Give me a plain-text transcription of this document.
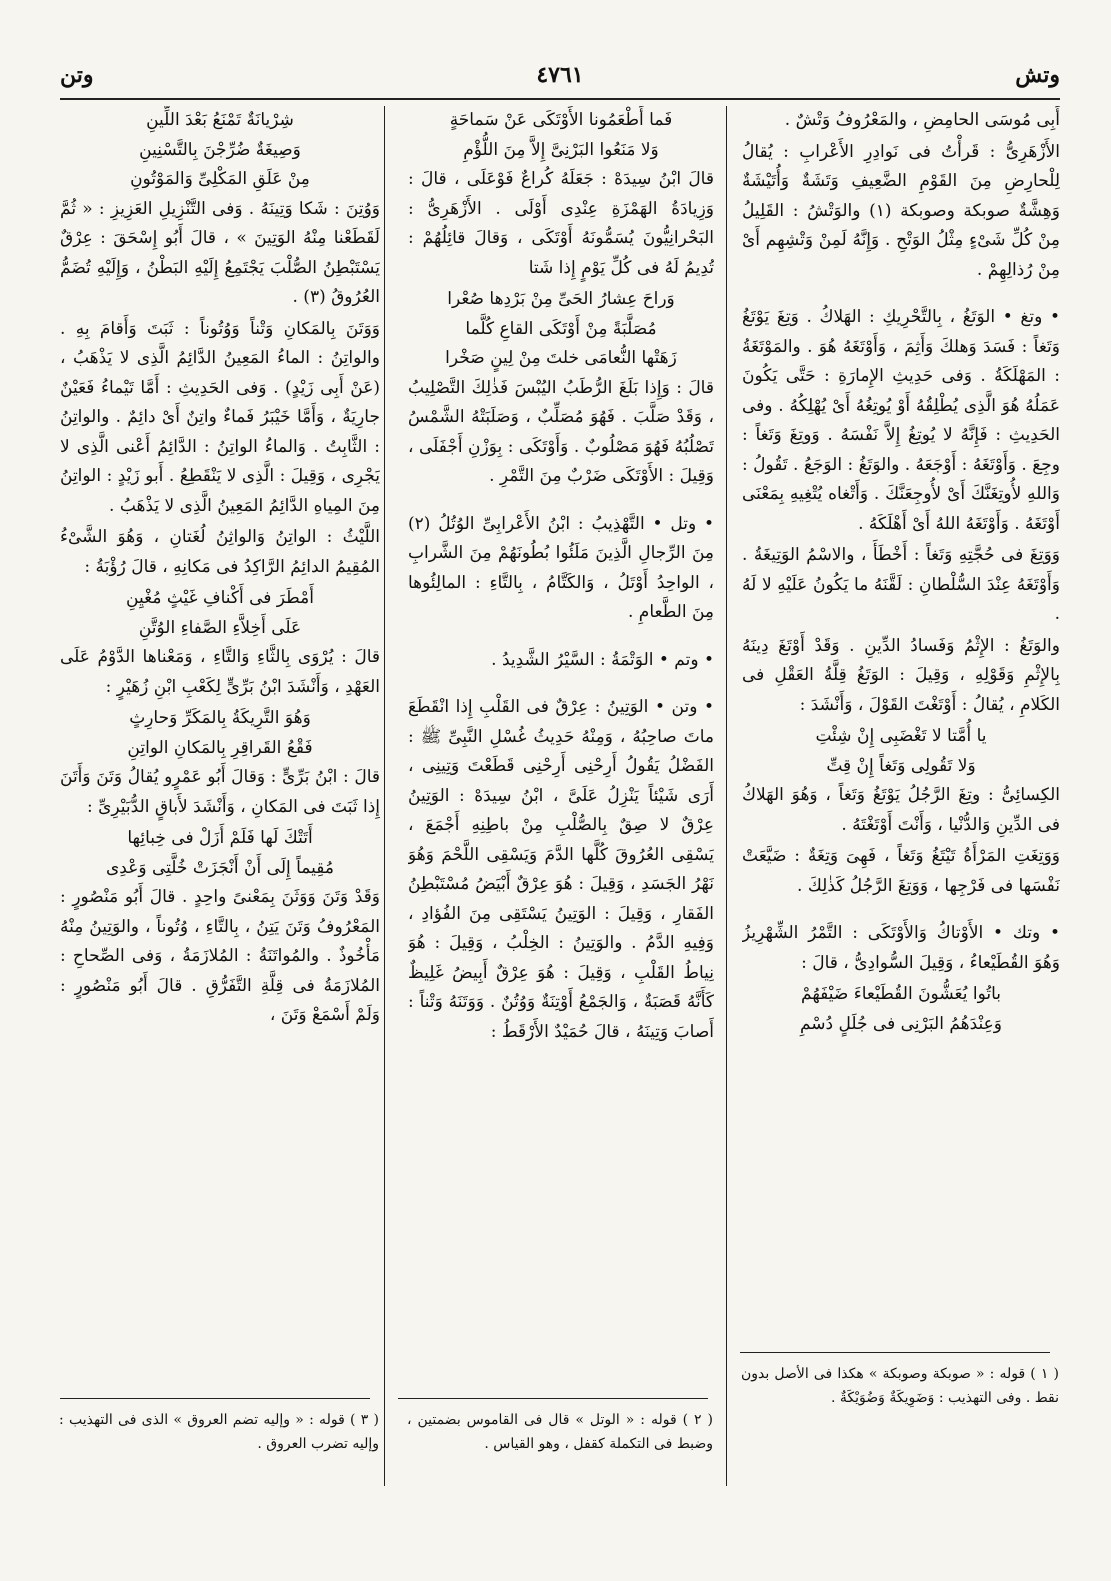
وتش
٤٧٦١
وتن

أَبِى مُوسَى الحامِضِ ، والمَعْرُوفُ وَتْشٌ .

الأَزْهَرِىُّ : قَرأْتُ فى نَوادِرِ الأَعْرابِ : يُقالُ لِلْحارِضِ مِنَ القَوْمِ الضَّعِيفِ وَتَشَةٌ وَأُتَيْشَةٌ وَهِشَّةٌ صوبكة وصوبكة (١) والوَتْشُ : القَلِيلُ مِنْ كُلِّ شَىْءٍ مِثْلُ الوَتْحِ . وَإِنَّهُ لَمِنْ وَتْشِهِم أَىْ مِنْ رُذالِهِمْ .

• وتغ • الوَتَغُ ، بِالتَّحْرِيكِ : الهَلاكُ . وَتِغَ يَوْتَغُ وَتَغاً : فَسَدَ وَهلكَ وَأَثِمَ ، وَأَوْتَغَهُ هُوَ . والمَوْتَغَةُ : المَهْلَكَةُ . وَفى حَدِيثِ الإِمارَةِ : حَتَّى يَكُونَ عَمَلُهُ هُوَ الَّذِى يُطْلِقُهُ أَوْ يُوتِغُهُ أَىْ يُهْلِكُهُ . وفى الحَدِيثِ : فَإِنَّهُ لا يُوتِغُ إِلاَّ نَفْسَهُ . وَوتِغَ وَتَغاً : وجِعَ . وَأَوْتَغَهُ : أَوْجَعَهُ . والوَتَغُ : الوَجَعُ . تَقُولُ : وَاللهِ لأُوتِغَنَّكَ أَىْ لأُوجِعَنَّكَ . وَأَتْغاه يُتْغِيهِ بِمَعْنَى أَوْتَغَهُ . وَأَوْتَغَهُ اللهُ أَىْ أَهْلَكَهُ .

وَوَتِغَ فى حُجَّتِهِ وَتَغاً : أَخْطَأَ ، والاسْمُ الوَتِيغَةُ . وَأَوْتَغَهُ عِنْدَ السُّلْطانِ : لَقَّنَهُ ما يَكُونُ عَلَيْهِ لا لَهُ .

والوَتَغُ : الإِثْمُ وَفَسادُ الدِّينِ . وَقَدْ أَوْتَغَ دِينَهُ بِالإِثْمِ وَقَوْلِهِ ، وَقِيلَ : الوَتَغُ قِلَّةُ العَقْلِ فى الكَلامِ ، يُقالُ : أَوْتَغْتَ القَوْلَ ، وَأَنْشَدَ :

يا أُمَّتا لا تَغْضَبِى إِنْ شِئْتِ

وَلا تَقُولِى وَتَغاً إِنْ قِتِّ

الكِسائِىُّ : وتِغَ الرَّجُلُ يَوْتَغُ وَتَغاً ، وَهُوَ الهَلاكُ فى الدِّينِ وَالدُّنْيا ، وَأَنْتَ أَوْتَغْتَهُ .

وَوَتِغَتِ المَرْأَةُ تَيْتَغُ وَتَغاً ، فَهِىَ وَتِغَةٌ : ضَيَّعَتْ نَفْسَها فى فَرْجِها ، وَوَتِغَ الرَّجُلُ كَذٰلِكَ .

• وتك • الأَوْتاكُ وَالأَوْتَكَى : التَّمْرُ الشِّهْرِيزُ وَهُوَ القُطَيْعاءُ ، وَقِيلَ السُّوادِىُّ ، قالَ :

باتُوا يُعَشُّونَ القُطَيْعاءَ ضَيْفَهُمْ

وَعِنْدَهُمُ البَرْنِى فى جُلَلٍ دُسْمِ

فَما أَطْعَمُونا الأَوْتَكَى عَنْ سَماحَةٍ

وَلا مَنَعُوا البَرْنِىَّ إِلاَّ مِنَ اللُّؤْمِ

قالَ ابْنُ سِيدَهْ : جَعَلَهُ كُراعٌ فَوْعَلَى ، قالَ : وَزِيادَةُ الهَمْزَةِ عِنْدِى أَوْلَى . الأَزْهَرِىُّ : البَحْرانِيُّونَ يُسَمُّونَهُ أَوْتَكَى ، وَقالَ قائِلُهُمْ : تُدِيمُ لَهُ فى كُلِّ يَوْمٍ إِذا شَتا

وَراحَ عِشارُ الحَىِّ مِنْ بَرْدِها صُعْرا

مُصَلَّبَةً مِنْ أَوْتَكَى القاعِ كُلَّما

زَهَتْها النُّعامَى خلتَ مِنْ لِينٍ صَخْرا

قالَ : وَإِذا بَلَغَ الرُّطَبُ اليُبْسَ فَذٰلِكَ التَّصْلِيبُ ، وَقَدْ صَلَّبَ . فَهُوَ مُصَلِّبٌ ، وَصَلَبَتْهُ الشَّمْسُ تَصْلُبُهُ فَهُوَ مَصْلُوبٌ . وَأَوْتَكَى : بِوَزْنِ أَجْفَلَى ، وَقِيلَ : الأَوْتَكَى ضَرْبٌ مِنَ التَّمْرِ .

• وتل • التَّهْذِيبُ : ابْنُ الأَعْرابِىِّ الوُتُلُ (٢) مِنَ الرِّجالِ الَّذِينَ مَلَئُوا بُطُونَهُمْ مِنَ الشَّرابِ ، الواحِدُ أَوْتَلُ ، وَالكَتَّامُ ، بِالتَّاءِ : المالِئُوها مِنَ الطَّعامِ .

• وتم • الوَتْمَةُ : السَّيْرُ الشَّدِيدُ .

• وتن • الوَتِينُ : عِرْقٌ فى القَلْبِ إِذا انْقَطَعَ ماتَ صاحِبُهُ ، وَمِنْهُ حَدِيثُ غُسْلِ النَّبِىِّ ﷺ : الفَضْلُ يَقُولُ أَرِحْنِى أَرِحْنِى قَطَعْتَ وَتِينِى ، أَرَى شَيْئاً يَنْزِلُ عَلَىَّ ، ابْنُ سِيدَهْ : الوَتِينُ عِرْقٌ لا صِقٌ بِالصُّلْبِ مِنْ باطِنِهِ أَجْمَعَ ، يَسْقِى العُرُوقَ كُلَّها الدَّمَ وَيَسْقِى اللَّحْمَ وَهُوَ نَهْرُ الجَسَدِ ، وَقِيلَ : هُوَ عِرْقٌ أَبْيَضُ مُسْتَبْطِنُ الفَقارِ ، وَقِيلَ : الوَتِينُ يَسْتَقِى مِنَ الفُؤادِ ، وَفِيهِ الدَّمُ . والوَتِينُ : الخِلْبُ ، وَقِيلَ : هُوَ نِياطُ القَلْبِ ، وَقِيلَ : هُوَ عِرْقٌ أَبِيضُ غَلِيظٌ كَأَنَّهُ قَصَبَةٌ ، وَالجَمْعُ أَوْتِنَةٌ وَوُتُنٌ . وَوَتَنَهُ وَتْناً : أَصابَ وَتِينَهُ ، قالَ حُمَيْدٌ الأَرْقَطُ :

شِرْيانَةٌ تَمْنَعُ بَعْدَ اللِّينِ

وَصِيغَةٌ ضُرِّجْنَ بِالتَّسْنِينِ

مِنْ عَلَقِ المَكْلِىِّ وَالمَوْتُونِ

وَوُتِنَ : شَكا وَتِينَهُ . وَفى التَّنْزِيلِ العَزِيزِ : « ثُمَّ لَقَطَعْنا مِنْهُ الوَتِينَ » ، قالَ أَبُو إِسْحَقَ : عِرْقٌ يَسْتَبْطِنُ الصُّلْبَ يَجْتَمِعُ إِلَيْهِ البَطْنُ ، وَإِلَيْهِ تُضَمُّ العُرُوقُ (٣) .

وَوَتَنَ بِالمَكانِ وَتْناً وَوُتُوناً : ثَبَتَ وَأَقامَ بِهِ . والواتِنُ : الماءُ المَعِينُ الدَّائِمُ الَّذِى لا يَذْهَبُ ، (عَنْ أَبِى زَيْدٍ) . وَفى الحَدِيثِ : أَمَّا تَيْماءُ فَعَيْنٌ جارِيَةٌ ، وَأَمَّا خَيْبَرُ فَماءٌ واتِنٌ أَىْ دائِمٌ . والواتِنُ : الثَّابِتُ . وَالماءُ الواتِنُ : الدَّائِمُ أَعْنى الَّذِى لا يَجْرِى ، وَقِيلَ : الَّذِى لا يَنْقَطِعُ . أَبو زَيْدٍ : الواتِنُ مِنَ المِياهِ الدَّائِمُ المَعِينُ الَّذِى لا يَذْهَبُ .

اللَّيْثُ : الواتِنُ وَالواثِنُ لُغَتانِ ، وَهُوَ الشَّىْءُ المُقِيمُ الدائِمُ الرَّاكِدُ فى مَكانِهِ ، قالَ رُؤْبَةُ :

أَمْطَرَ فى أَكْنافِ غَيْثٍ مُغْيِنِ

عَلَى أَخِلاَّءِ الصَّفاءِ الوُتَّنِ

قالَ : يُرْوَى بِالثَّاءِ وَالتَّاءِ ، وَمَعْناها الدَّوْمُ عَلَى العَهْدِ ، وَأَنْشَدَ ابْنُ بَرِّىٍّ لِكَعْبِ ابْنِ زُهَيْرٍ :

وَهُوَ التَّرِيكَةُ بِالمَكَرِّ وَحارِثٍ

فَقْعُ القَراقِرِ بِالمَكانِ الواتِنِ

قالَ : ابْنُ بَرِّىٍّ : وَقالَ أَبُو عَمْرٍو يُقالُ وَتَنَ وَأَتَنَ إِذا ثَبَتَ فى المَكانِ ، وَأَنْشَدَ لأَباقٍ الدُّبَيْرِىِّ :

أَتَتْكَ لَها فَلَمْ أَزَلْ فى خِبائِها

مُقِيماً إِلَى أَنْ أَنْجَزَتْ خُلَّتِى وَعْدِى

وَقَدْ وَتَنَ وَوَثَنَ بِمَعْنىً واحِدٍ . قالَ أَبُو مَنْصُورٍ : المَعْرُوفُ وَتَنَ يَتِنُ ، بِالتَّاءِ ، وُتُوناً ، والوَتِينُ مِنْهُ مَأْخُوذٌ . والمُواتَنَةُ : المُلازَمَةُ ، وَفى الصِّحاحِ : المُلازَمَةُ فى قِلَّةِ التَّفَرُّقِ . قالَ أَبُو مَنْصُورٍ : وَلَمْ أَسْمَعْ وَتَنَ ،

( ١ ) قوله : « صوبكة وصوبكة » هكذا فى الأصل بدون نقط . وفى التهذيب : وَضَوِيكَةٌ وَضُوَيْكَةٌ .
( ٢ ) قوله : « الوتل » قال فى القاموس بضمتين ، وضبط فى التكملة كقفل ، وهو القياس .
( ٣ ) قوله : « وإليه تضم العروق » الذى فى التهذيب : وإليه تضرب العروق .
